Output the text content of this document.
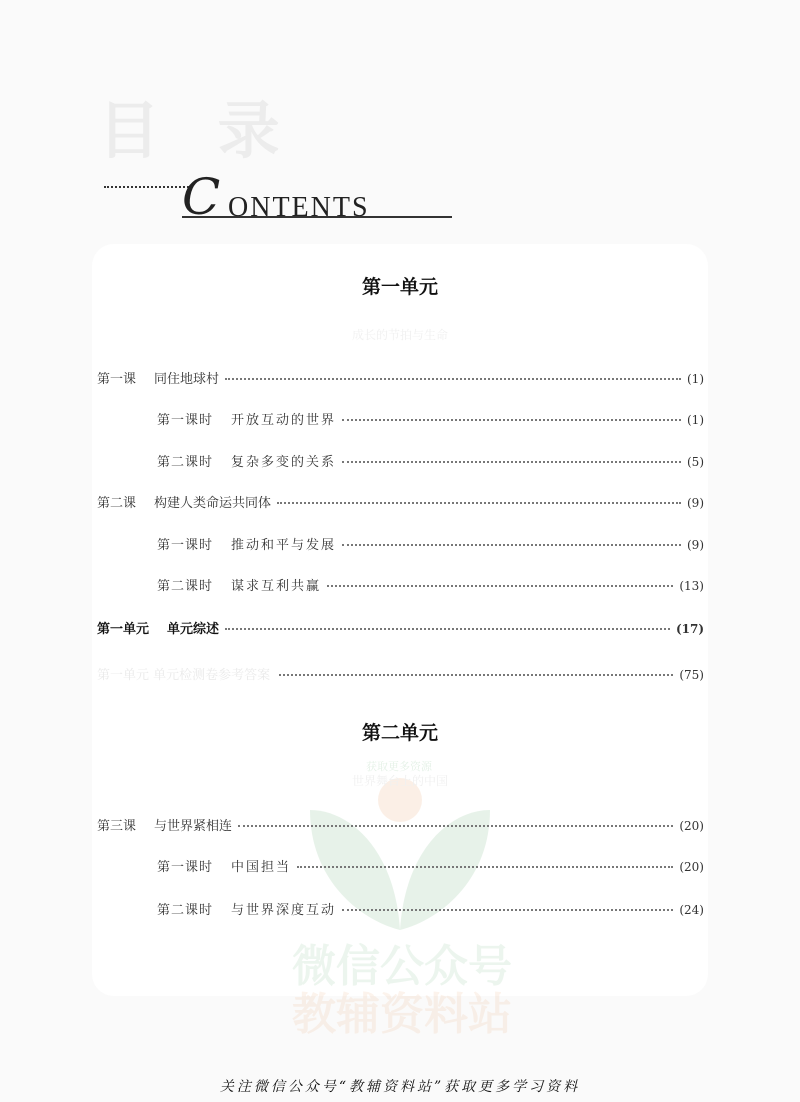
目 录
C ONTENTS
获取更多资源
微信公众号
教辅资料站
第一单元
成长的节拍与生命
第一课 同住地球村	(1)
第一课时 开放互动的世界	(1)
第二课时 复杂多变的关系	(5)
第二课 构建人类命运共同体	(9)
第一课时 推动和平与发展	(9)
第二课时 谋求互利共赢	(13)
第一单元 单元综述	(17)
第一单元 单元检测卷参考答案	(75)
第二单元
世界舞台上的中国
第三课 与世界紧相连	(20)
第一课时 中国担当	(20)
第二课时 与世界深度互动	(24)
关注微信公众号“教辅资料站”获取更多学习资料
